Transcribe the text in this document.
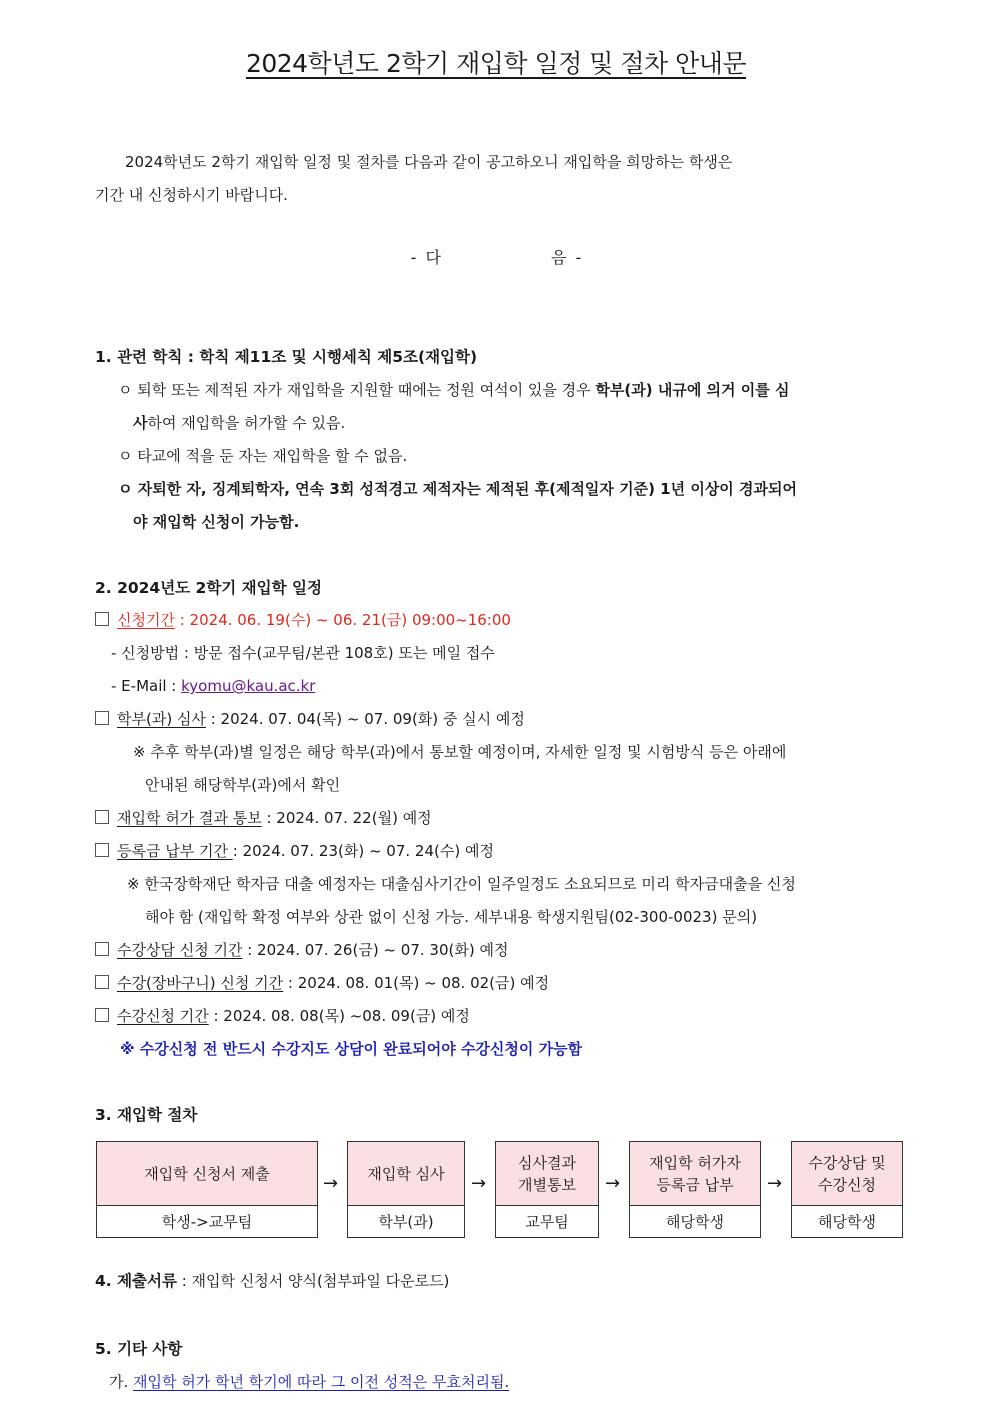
2024학년도 2학기 재입학 일정 및 절차 안내문
2024학년도 2학기 재입학 일정 및 절차를 다음과 같이 공고하오니 재입학을 희망하는 학생은
기간 내 신청하시기 바랍니다.
- 다	음 -
1. 관련 학칙 : 학칙 제11조 및 시행세칙 제5조(재입학)
ㅇ 퇴학 또는 제적된 자가 재입학을 지원할 때에는 정원 여석이 있을 경우 학부(과) 내규에 의거 이를 심
사하여 재입학을 허가할 수 있음.
ㅇ 타교에 적을 둔 자는 재입학을 할 수 없음.
ㅇ 자퇴한 자, 징계퇴학자, 연속 3회 성적경고 제적자는 제적된 후(제적일자 기준) 1년 이상이 경과되어
야 재입학 신청이 가능함.
2. 2024년도 2학기 재입학 일정
신청기간 : 2024. 06. 19(수) ~ 06. 21(금) 09:00~16:00
- 신청방법 : 방문 접수(교무팀/본관 108호) 또는 메일 접수
- E-Mail : kyomu@kau.ac.kr
학부(과) 심사 : 2024. 07. 04(목) ~ 07. 09(화) 중 실시 예정
※ 추후 학부(과)별 일정은 해당 학부(과)에서 통보할 예정이며, 자세한 일정 및 시험방식 등은 아래에
안내된 해당학부(과)에서 확인
재입학 허가 결과 통보 : 2024. 07. 22(월) 예정
등록금 납부 기간 : 2024. 07. 23(화) ~ 07. 24(수) 예정
※ 한국장학재단 학자금 대출 예정자는 대출심사기간이 일주일정도 소요되므로 미리 학자금대출을 신청
해야 함 (재입학 확정 여부와 상관 없이 신청 가능. 세부내용 학생지원팀(02-300-0023) 문의)
수강상담 신청 기간 : 2024. 07. 26(금) ~ 07. 30(화) 예정
수강(장바구니) 신청 기간 : 2024. 08. 01(목) ~ 08. 02(금) 예정
수강신청 기간 : 2024. 08. 08(목) ~08. 09(금) 예정
※ 수강신청 전 반드시 수강지도 상담이 완료되어야 수강신청이 가능함
3. 재입학 절차
재입학 신청서 제출
학생->교무팀
→	재입학 심사
학부(과)
→
심사결과
개별통보
교무팀
→
재입학 허가자
등록금 납부
해당학생
→
수강상담 및
수강신청
해당학생
4. 제출서류 : 재입학 신청서 양식(첨부파일 다운로드)
5. 기타 사항
가. 재입학 허가 학년 학기에 따라 그 이전 성적은 무효처리됨.
